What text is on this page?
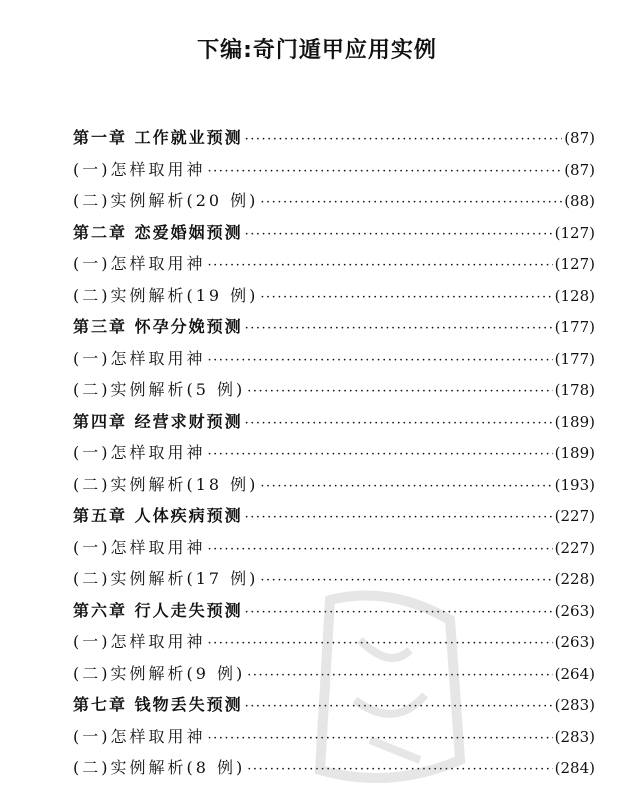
下编:奇门遁甲应用实例
第一章 工作就业预测 ·····	(87)
(一)怎样取用神 ·····	(87)
(二)实例解析(20 例) ·····	(88)
第二章 恋爱婚姻预测 ·····	(127)
(一)怎样取用神 ·····	(127)
(二)实例解析(19 例) ·····	(128)
第三章 怀孕分娩预测 ·····	(177)
(一)怎样取用神 ·····	(177)
(二)实例解析(5 例) ·····	(178)
第四章 经营求财预测 ·····	(189)
(一)怎样取用神 ·····	(189)
(二)实例解析(18 例) ·····	(193)
第五章 人体疾病预测 ·····	(227)
(一)怎样取用神 ·····	(227)
(二)实例解析(17 例) ·····	(228)
第六章 行人走失预测 ·····	(263)
(一)怎样取用神 ·····	(263)
(二)实例解析(9 例) ·····	(264)
第七章 钱物丢失预测 ·····	(283)
(一)怎样取用神 ·····	(283)
(二)实例解析(8 例) ·····	(284)
